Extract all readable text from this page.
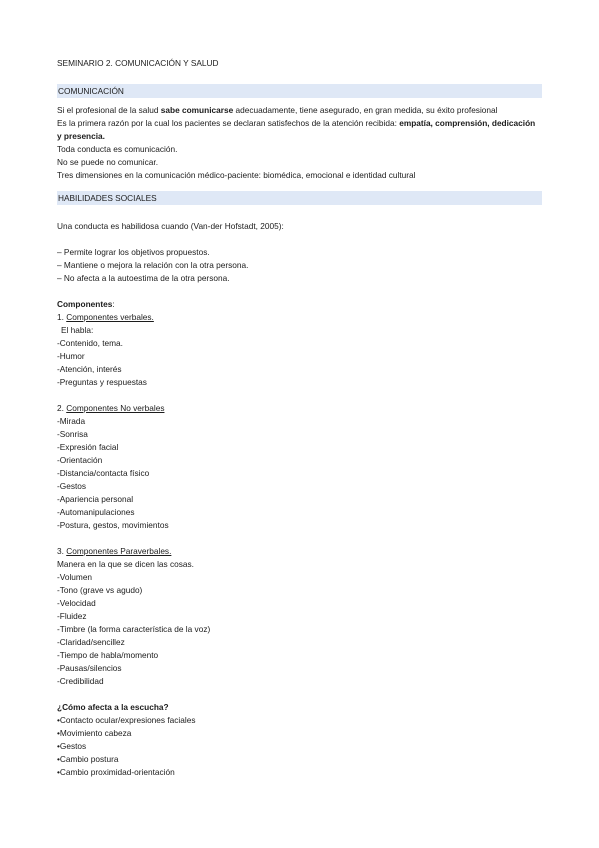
SEMINARIO 2. COMUNICACIÓN Y SALUD
COMUNICACIÓN
Si el profesional de la salud sabe comunicarse adecuadamente, tiene asegurado, en gran medida, su éxito profesional
Es la primera razón por la cual los pacientes se declaran satisfechos de la atención recibida: empatía, comprensión, dedicación y presencia.
Toda conducta es comunicación.
No se puede no comunicar.
Tres dimensiones en la comunicación médico-paciente: biomédica, emocional e identidad cultural
HABILIDADES SOCIALES
Una conducta es habilidosa cuando (Van-der Hofstadt, 2005):
– Permite lograr los objetivos propuestos.
– Mantiene o mejora la relación con la otra persona.
– No afecta a la autoestima de la otra persona.
Componentes:
1. Componentes verbales.
El habla:
-Contenido, tema.
-Humor
-Atención, interés
-Preguntas y respuestas
2. Componentes No verbales
-Mirada
-Sonrisa
-Expresión facial
-Orientación
-Distancia/contacta físico
-Gestos
-Apariencia personal
-Automanipulaciones
-Postura, gestos, movimientos
3. Componentes Paraverbales.
Manera en la que se dicen las cosas.
-Volumen
-Tono (grave vs agudo)
-Velocidad
-Fluidez
-Timbre (la forma característica de la voz)
-Claridad/sencillez
-Tiempo de habla/momento
-Pausas/silencios
-Credibilidad
¿Cómo afecta a la escucha?
•Contacto ocular/expresiones faciales
•Movimiento cabeza
•Gestos
•Cambio postura
•Cambio proximidad-orientación
